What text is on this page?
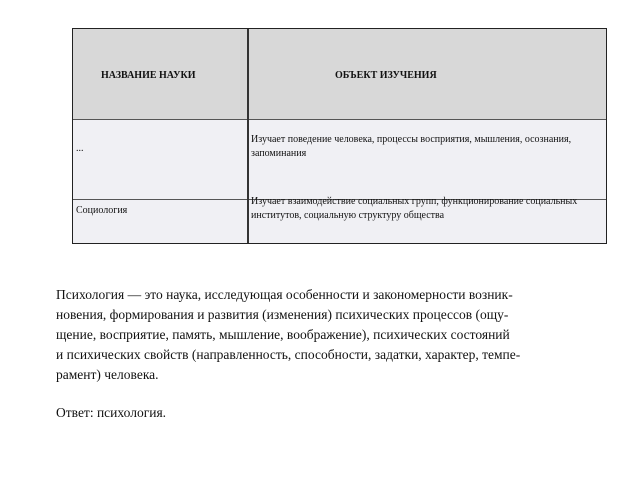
НАЗВАНИЕ НАУКИ	ОБЪЕКТ ИЗУЧЕНИЯ
...
Изучает поведение человека, процессы восприятия, мышления, осознания, запоминания
Социология
Изучает взаимодействие социальных групп, функционирование социальных институтов, социальную структуру общества
Психология — это наука, исследующая особенности и закономерности возник-
новения, формирования и развития (изменения) психических процессов (ощу-
щение, восприятие, память, мышление, воображение), психических состояний
и психических свойств (направленность, способности, задатки, характер, темпе-
рамент) человека.
Ответ: психология.
